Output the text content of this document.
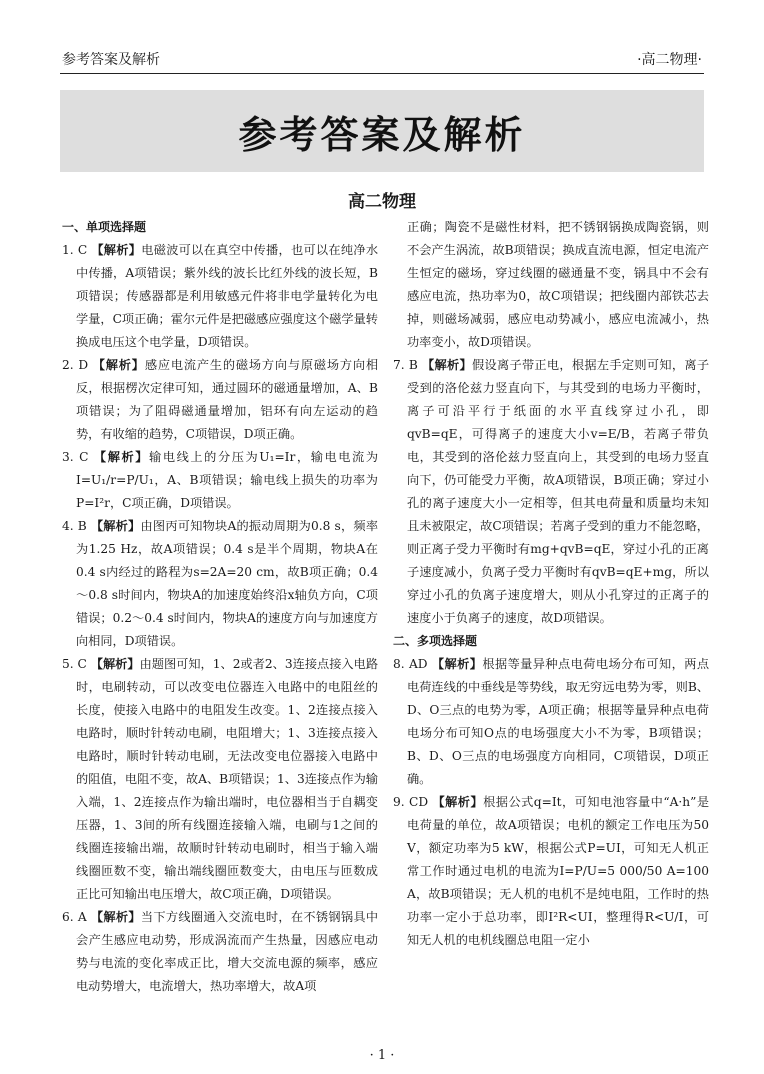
参考答案及解析	·高二物理·
参考答案及解析
高二物理
一、单项选择题
1. C 【解析】电磁波可以在真空中传播，也可以在纯净水中传播，A项错误；紫外线的波长比红外线的波长短，B项错误；传感器都是利用敏感元件将非电学量转化为电学量，C项正确；霍尔元件是把磁感应强度这个磁学量转换成电压这个电学量，D项错误。
2. D 【解析】感应电流产生的磁场方向与原磁场方向相反，根据楞次定律可知，通过圆环的磁通量增加，A、B项错误；为了阻碍磁通量增加，铝环有向左运动的趋势，有收缩的趋势，C项错误，D项正确。
3. C 【解析】输电线上的分压为U₁=Ir，输电电流为I=U₁/r=P/U₁，A、B项错误；输电线上损失的功率为P=I²r，C项正确，D项错误。
4. B 【解析】由图丙可知物块A的振动周期为0.8 s，频率为1.25 Hz，故A项错误；0.4 s是半个周期，物块A在0.4 s内经过的路程为s=2A=20 cm，故B项正确；0.4～0.8 s时间内，物块A的加速度始终沿x轴负方向，C项错误；0.2～0.4 s时间内，物块A的速度方向与加速度方向相同，D项错误。
5. C 【解析】由题图可知，1、2或者2、3连接点接入电路时，电刷转动，可以改变电位器连入电路中的电阻丝的长度，使接入电路中的电阻发生改变。1、2连接点接入电路时，顺时针转动电刷，电阻增大；1、3连接点接入电路时，顺时针转动电刷，无法改变电位器接入电路中的阻值，电阻不变，故A、B项错误；1、3连接点作为输入端，1、2连接点作为输出端时，电位器相当于自耦变压器，1、3间的所有线圈连接输入端，电刷与1之间的线圈连接输出端，故顺时针转动电刷时，相当于输入端线圈匝数不变，输出端线圈匝数变大，由电压与匝数成正比可知输出电压增大，故C项正确，D项错误。
6. A 【解析】当下方线圈通入交流电时，在不锈钢锅具中会产生感应电动势，形成涡流而产生热量，因感应电动势与电流的变化率成正比，增大交流电源的频率，感应电动势增大，电流增大，热功率增大，故A项
正确；陶瓷不是磁性材料，把不锈钢锅换成陶瓷锅，则不会产生涡流，故B项错误；换成直流电源，恒定电流产生恒定的磁场，穿过线圈的磁通量不变，锅具中不会有感应电流，热功率为0，故C项错误；把线圈内部铁芯去掉，则磁场减弱，感应电动势减小，感应电流减小，热功率变小，故D项错误。
7. B 【解析】假设离子带正电，根据左手定则可知，离子受到的洛伦兹力竖直向下，与其受到的电场力平衡时，离子可沿平行于纸面的水平直线穿过小孔，即qvB=qE，可得离子的速度大小v=E/B，若离子带负电，其受到的洛伦兹力竖直向上，其受到的电场力竖直向下，仍可能受力平衡，故A项错误，B项正确；穿过小孔的离子速度大小一定相等，但其电荷量和质量均未知且未被限定，故C项错误；若离子受到的重力不能忽略，则正离子受力平衡时有mg+qvB=qE，穿过小孔的正离子速度减小，负离子受力平衡时有qvB=qE+mg，所以穿过小孔的负离子速度增大，则从小孔穿过的正离子的速度小于负离子的速度，故D项错误。
二、多项选择题
8. AD 【解析】根据等量异种点电荷电场分布可知，两点电荷连线的中垂线是等势线，取无穷远电势为零，则B、D、O三点的电势为零，A项正确；根据等量异种点电荷电场分布可知O点的电场强度大小不为零，B项错误；B、D、O三点的电场强度方向相同，C项错误，D项正确。
9. CD 【解析】根据公式q=It，可知电池容量中“A·h”是电荷量的单位，故A项错误；电机的额定工作电压为50 V，额定功率为5 kW，根据公式P=UI，可知无人机正常工作时通过电机的电流为I=P/U=5 000/50 A=100 A，故B项错误；无人机的电机不是纯电阻，工作时的热功率一定小于总功率，即I²R<UI，整理得R<U/I，可知无人机的电机线圈总电阻一定小
· 1 ·
